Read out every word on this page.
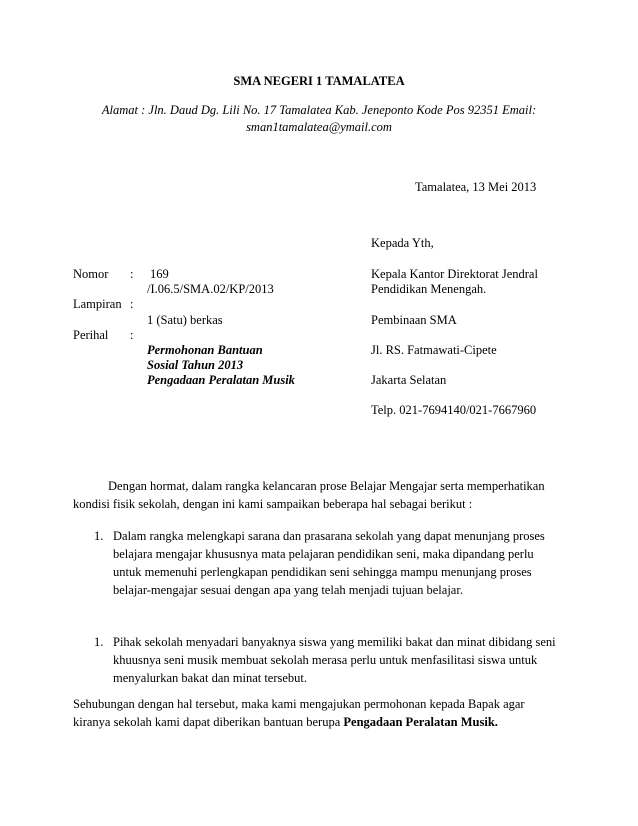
SMA NEGERI 1 TAMALATEA
Alamat : Jln. Daud Dg. Lili No. 17 Tamalatea Kab. Jeneponto Kode Pos 92351 Email:
sman1tamalatea@ymail.com
Tamalatea, 13 Mei 2013
Kepada Yth,
Kepala Kantor Direktorat Jendral
Pendidikan Menengah.
Pembinaan SMA
Jl. RS. Fatmawati-Cipete
Jakarta Selatan
Telp. 021-7694140/021-7667960
Nomor : 169
/I.06.5/SMA.02/KP/2013
Lampiran :
1 (Satu) berkas
Perihal :
Permohonan Bantuan
Sosial Tahun 2013
Pengadaan Peralatan Musik
Dengan hormat, dalam rangka kelancaran prose Belajar Mengajar serta memperhatikan
kondisi fisik sekolah, dengan ini kami sampaikan beberapa hal sebagai berikut :
1. Dalam rangka melengkapi sarana dan prasarana sekolah yang dapat menunjang proses
belajara mengajar khususnya mata pelajaran pendidikan seni, maka dipandang perlu
untuk memenuhi perlengkapan pendidikan seni sehingga mampu menunjang proses
belajar-mengajar sesuai dengan apa yang telah menjadi tujuan belajar.
1. Pihak sekolah menyadari banyaknya siswa yang memiliki bakat dan minat dibidang seni
khuusnya seni musik membuat sekolah merasa perlu untuk menfasilitasi siswa untuk
menyalurkan bakat dan minat tersebut.
Sehubungan dengan hal tersebut, maka kami mengajukan permohonan kepada Bapak agar
kiranya sekolah kami dapat diberikan bantuan berupa Pengadaan Peralatan Musik.
